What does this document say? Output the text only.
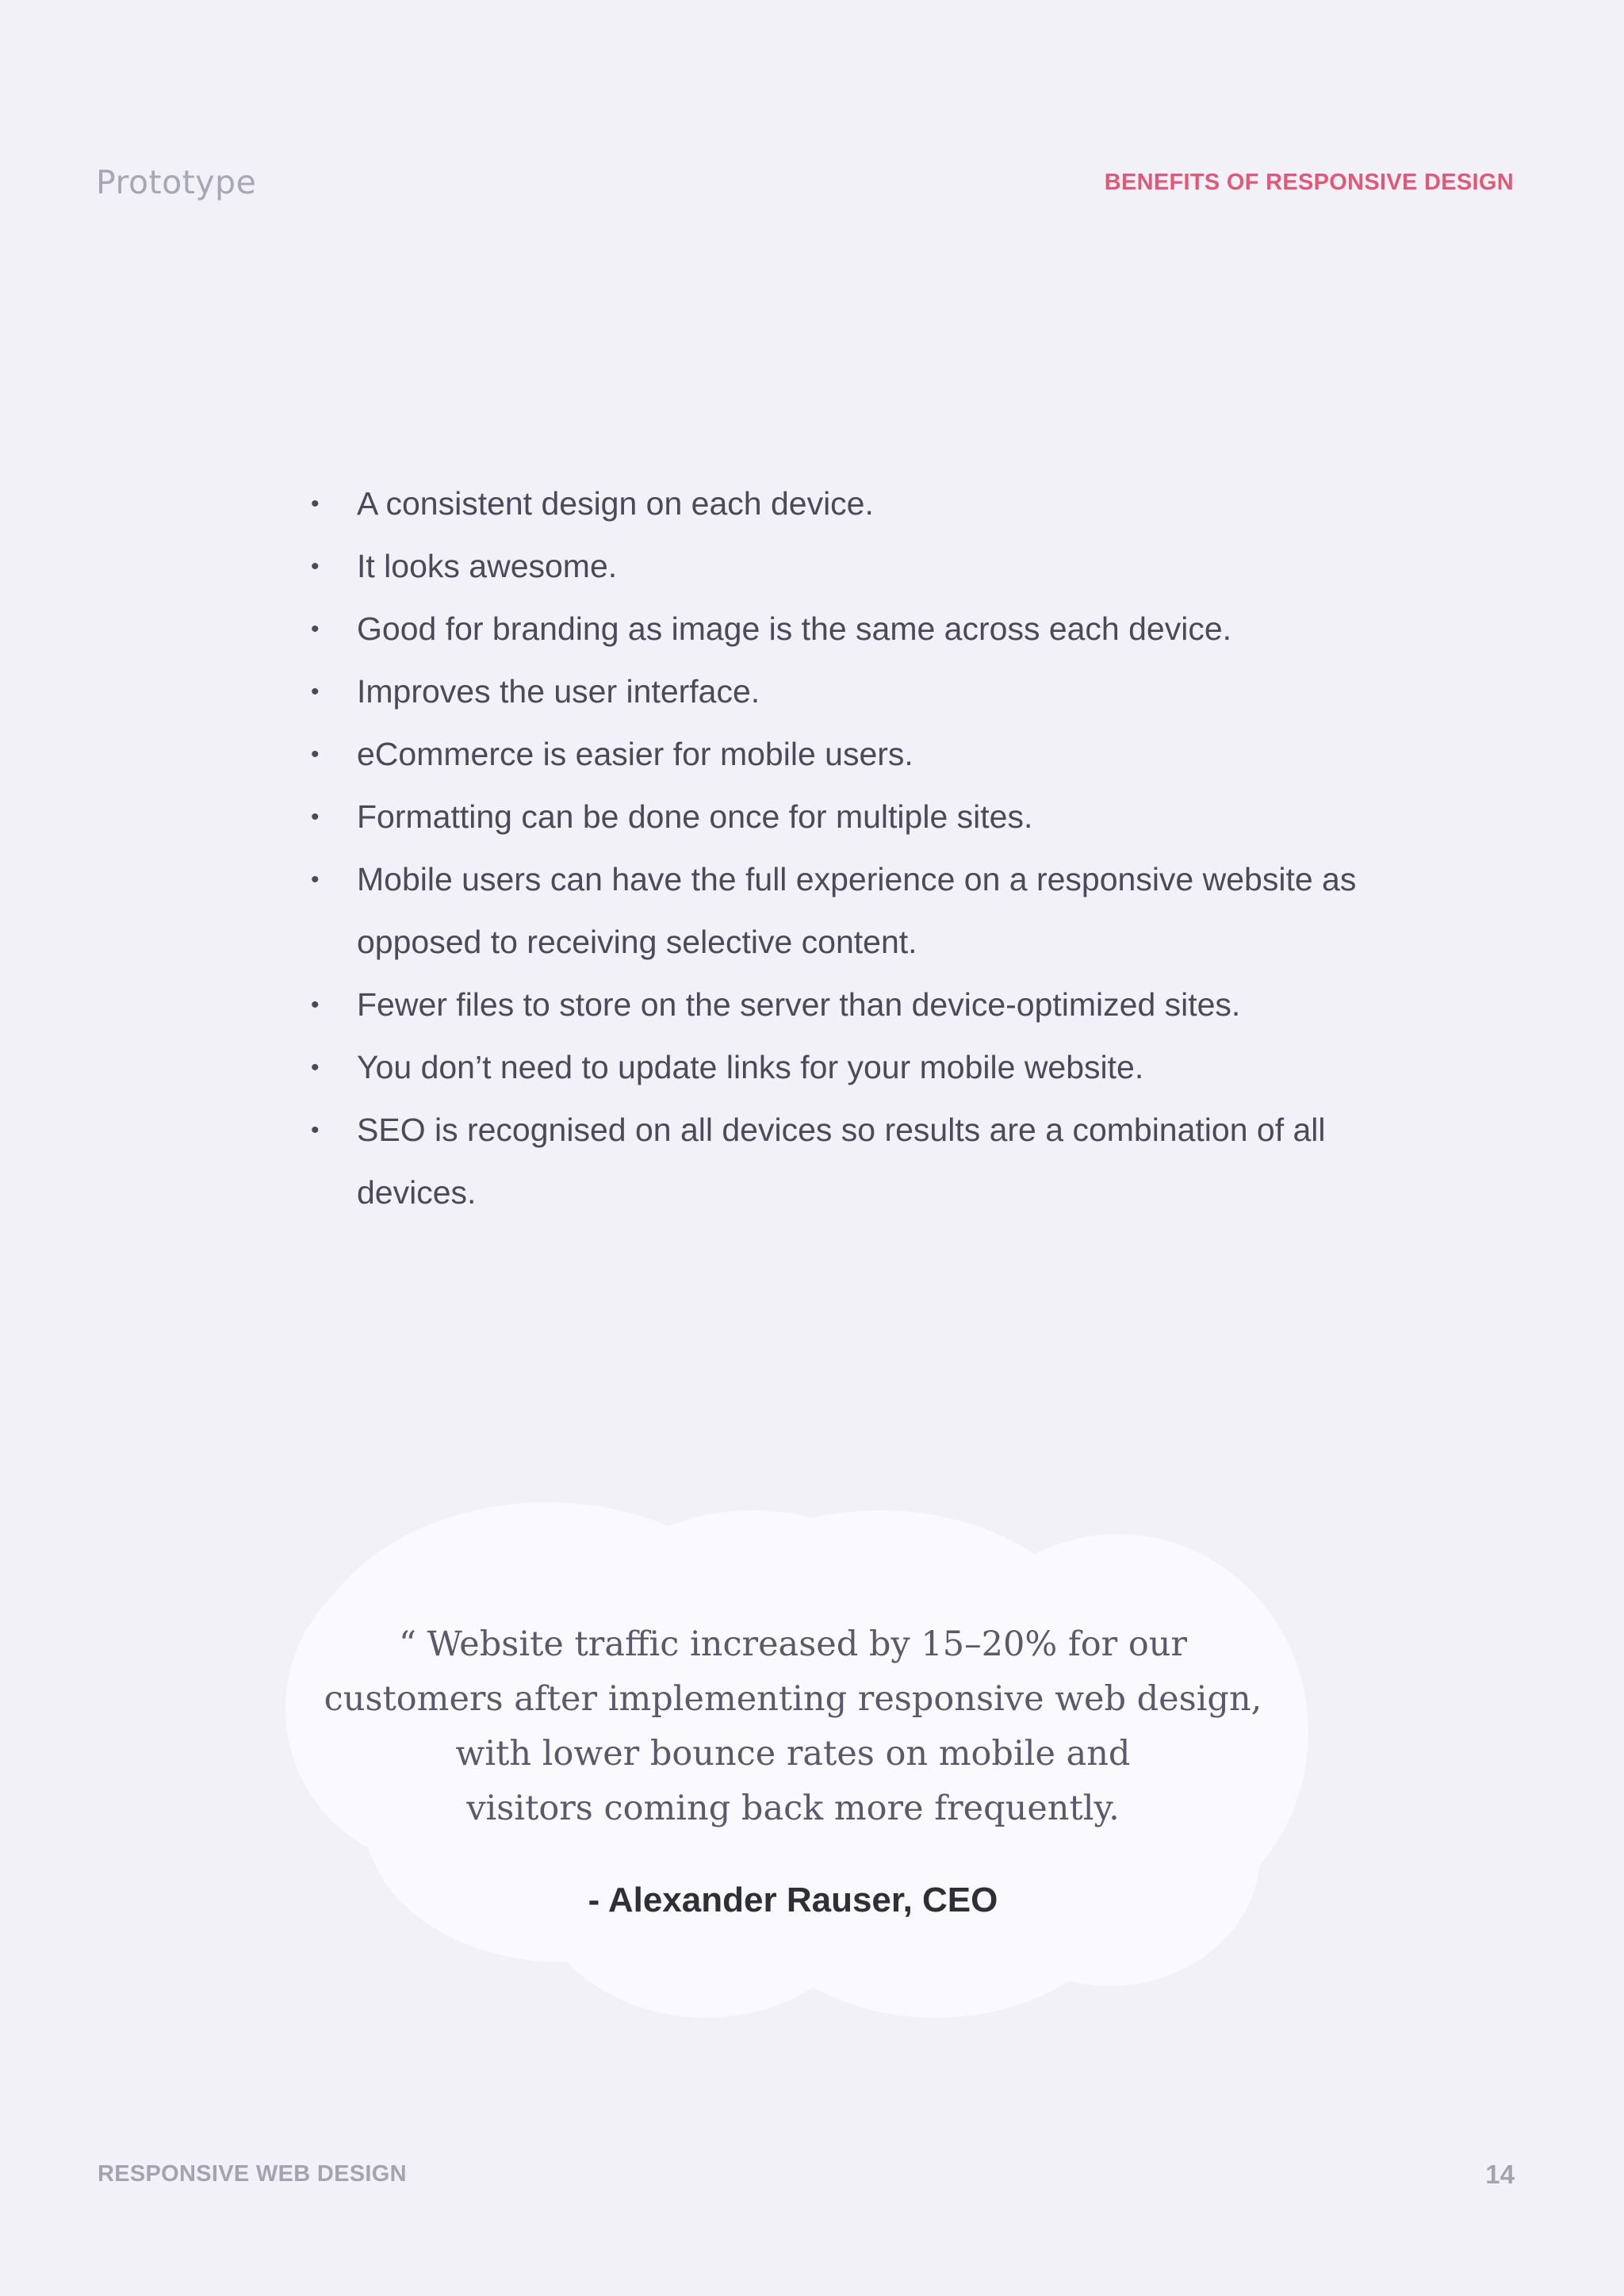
Prototype	BENEFITS OF RESPONSIVE DESIGN
• A consistent design on each device.
• It looks awesome.
• Good for branding as image is the same across each device.
• Improves the user interface.
• eCommerce is easier for mobile users.
• Formatting can be done once for multiple sites.
• Mobile users can have the full experience on a responsive website as opposed to receiving selective content.
• Fewer files to store on the server than device-optimized sites.
• You don’t need to update links for your mobile website.
• SEO is recognised on all devices so results are a combination of all devices.
“ Website traffic increased by 15–20% for our
customers after implementing responsive web design,
with lower bounce rates on mobile and
visitors coming back more frequently.
- Alexander Rauser, CEO
RESPONSIVE WEB DESIGN	14
